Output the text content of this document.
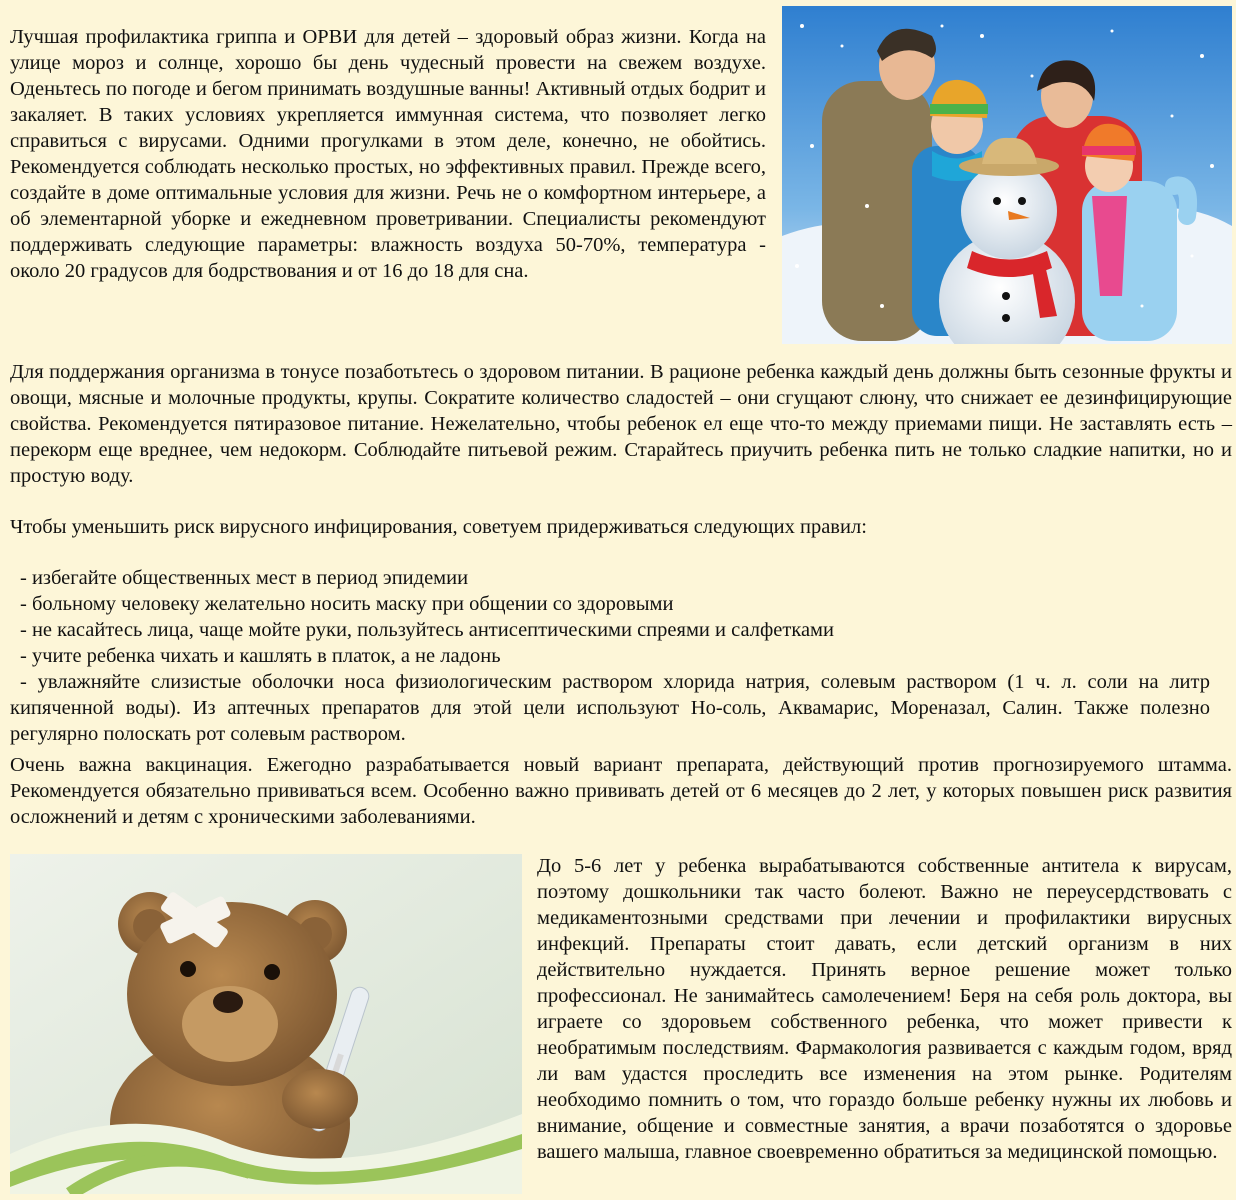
Лучшая профилактика гриппа и ОРВИ для детей – здоровый образ жизни. Когда на улице мороз и солнце, хорошо бы день чудесный провести на свежем воздухе. Оденьтесь по погоде и бегом принимать воздушные ванны! Активный отдых бодрит и закаляет. В таких условиях укрепляется иммунная система, что позволяет легко справиться с вирусами. Одними прогулками в этом деле, конечно, не обойтись. Рекомендуется соблюдать несколько простых, но эффективных правил. Прежде всего, создайте в доме оптимальные условия для жизни. Речь не о комфортном интерьере, а об элементарной уборке и ежедневном проветривании. Специалисты рекомендуют поддерживать следующие параметры: влажность воздуха 50-70%, температура - около 20 градусов для бодрствования и от 16 до 18 для сна.

Для поддержания организма в тонусе позаботьтесь о здоровом питании. В рационе ребенка каждый день должны быть сезонные фрукты и овощи, мясные и молочные продукты, крупы. Сократите количество сладостей – они сгущают слюну, что снижает ее дезинфицирующие свойства. Рекомендуется пятиразовое питание. Нежелательно, чтобы ребенок ел еще что-то между приемами пищи. Не заставлять есть – перекорм еще вреднее, чем недокорм. Соблюдайте питьевой режим. Старайтесь приучить ребенка пить не только сладкие напитки, но и простую воду.

Чтобы уменьшить риск вирусного инфицирования, советуем придерживаться следующих правил:

- избегайте общественных мест в период эпидемии
- больному человеку желательно носить маску при общении со здоровыми
- не касайтесь лица, чаще мойте руки, пользуйтесь антисептическими спреями и салфетками
- учите ребенка чихать и кашлять в платок, а не ладонь
- увлажняйте слизистые оболочки носа физиологическим раствором хлорида натрия, солевым раствором (1 ч. л. соли на литр кипяченной воды). Из аптечных препаратов для этой цели используют Но-соль, Аквамарис, Мореназал, Салин. Также полезно регулярно полоскать рот солевым раствором.

Очень важна вакцинация. Ежегодно разрабатывается новый вариант препарата, действующий против прогнозируемого штамма. Рекомендуется обязательно прививаться всем. Особенно важно прививать детей от 6 месяцев до 2 лет, у которых повышен риск развития осложнений и детям с хроническими заболеваниями.

До 5-6 лет у ребенка вырабатываются собственные антитела к вирусам, поэтому дошкольники так часто болеют. Важно не переусердствовать с медикаментозными средствами при лечении и профилактики вирусных инфекций. Препараты стоит давать, если детский организм в них действительно нуждается. Принять верное решение может только профессионал. Не занимайтесь самолечением! Беря на себя роль доктора, вы играете со здоровьем собственного ребенка, что может привести к необратимым последствиям. Фармакология развивается с каждым годом, вряд ли вам удастся проследить все изменения на этом рынке. Родителям необходимо помнить о том, что гораздо больше ребенку нужны их любовь и внимание, общение и совместные занятия, а врачи позаботятся о здоровье вашего малыша, главное своевременно обратиться за медицинской помощью.
